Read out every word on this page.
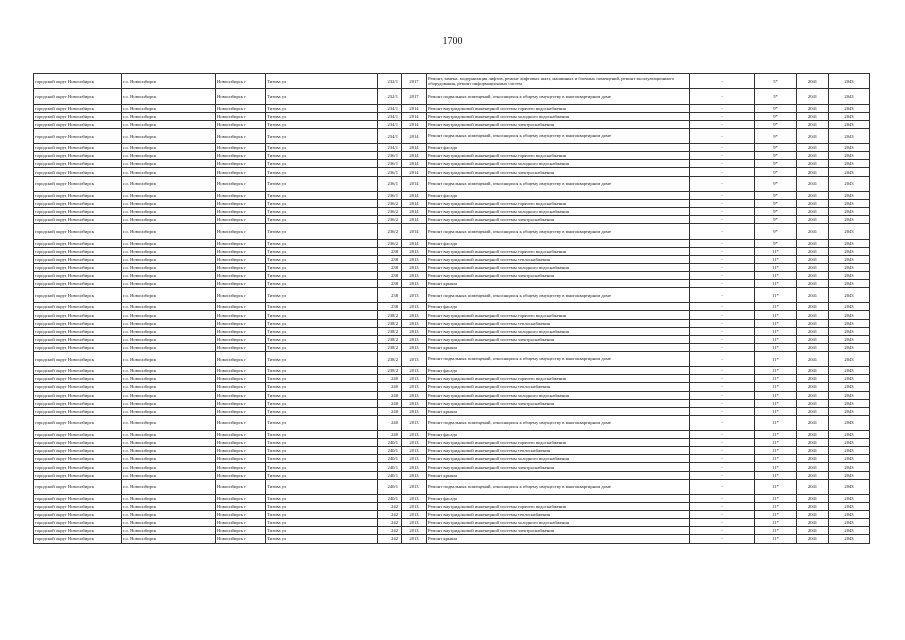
1700
городской округ Новосибирск	г.о. Новосибирск	Новосибирск г	Титова ул	232/1	2017	Ремонт, замена, модернизация лифтов, ремонт лифтовых шахт, машинных и блочных помещений, ремонт эксплуатационного оборудования, ремонт информационных систем	-	5*	2041	2043
городской округ Новосибирск	г.о. Новосибирск	Новосибирск г	Титова ул	232/1	2017	Ремонт подвальных помещений, относящихся к общему имуществу в многоквартирном доме	-	5*	2041	2043
городской округ Новосибирск	г.о. Новосибирск	Новосибирск г	Титова ул	234/1	2014	Ремонт внутридомовой инженерной системы горячего водоснабжения	-	9*	2041	2043
городской округ Новосибирск	г.о. Новосибирск	Новосибирск г	Титова ул	234/1	2014	Ремонт внутридомовой инженерной системы холодного водоснабжения	-	9*	2041	2043
городской округ Новосибирск	г.о. Новосибирск	Новосибирск г	Титова ул	234/1	2014	Ремонт внутридомовой инженерной системы электроснабжения	-	9*	2041	2043
городской округ Новосибирск	г.о. Новосибирск	Новосибирск г	Титова ул	234/1	2014	Ремонт подвальных помещений, относящихся к общему имуществу в многоквартирном доме	-	9*	2041	2043
городской округ Новосибирск	г.о. Новосибирск	Новосибирск г	Титова ул	234/1	2014	Ремонт фасада	-	9*	2041	2043
городской округ Новосибирск	г.о. Новосибирск	Новосибирск г	Титова ул	236/1	2014	Ремонт внутридомовой инженерной системы горячего водоснабжения	-	9*	2041	2043
городской округ Новосибирск	г.о. Новосибирск	Новосибирск г	Титова ул	236/1	2014	Ремонт внутридомовой инженерной системы холодного водоснабжения	-	9*	2041	2043
городской округ Новосибирск	г.о. Новосибирск	Новосибирск г	Титова ул	236/1	2014	Ремонт внутридомовой инженерной системы электроснабжения	-	9*	2041	2043
городской округ Новосибирск	г.о. Новосибирск	Новосибирск г	Титова ул	236/1	2014	Ремонт подвальных помещений, относящихся к общему имуществу в многоквартирном доме	-	9*	2041	2043
городской округ Новосибирск	г.о. Новосибирск	Новосибирск г	Титова ул	236/1	2014	Ремонт фасада	-	9*	2041	2043
городской округ Новосибирск	г.о. Новосибирск	Новосибирск г	Титова ул	236/2	2014	Ремонт внутридомовой инженерной системы горячего водоснабжения	-	9*	2041	2043
городской округ Новосибирск	г.о. Новосибирск	Новосибирск г	Титова ул	236/2	2014	Ремонт внутридомовой инженерной системы холодного водоснабжения	-	9*	2041	2043
городской округ Новосибирск	г.о. Новосибирск	Новосибирск г	Титова ул	236/2	2014	Ремонт внутридомовой инженерной системы электроснабжения	-	9*	2041	2043
городской округ Новосибирск	г.о. Новосибирск	Новосибирск г	Титова ул	236/2	2014	Ремонт подвальных помещений, относящихся к общему имуществу в многоквартирном доме	-	9*	2041	2043
городской округ Новосибирск	г.о. Новосибирск	Новосибирск г	Титова ул	236/2	2014	Ремонт фасада	-	9*	2041	2043
городской округ Новосибирск	г.о. Новосибирск	Новосибирск г	Титова ул	238	2013	Ремонт внутридомовой инженерной системы горячего водоснабжения	-	11*	2041	2043
городской округ Новосибирск	г.о. Новосибирск	Новосибирск г	Титова ул	238	2013	Ремонт внутридомовой инженерной системы теплоснабжения	-	11*	2041	2043
городской округ Новосибирск	г.о. Новосибирск	Новосибирск г	Титова ул	238	2013	Ремонт внутридомовой инженерной системы холодного водоснабжения	-	11*	2041	2043
городской округ Новосибирск	г.о. Новосибирск	Новосибирск г	Титова ул	238	2013	Ремонт внутридомовой инженерной системы электроснабжения	-	11*	2041	2043
городской округ Новосибирск	г.о. Новосибирск	Новосибирск г	Титова ул	238	2013	Ремонт крыши	-	11*	2041	2043
городской округ Новосибирск	г.о. Новосибирск	Новосибирск г	Титова ул	238	2013	Ремонт подвальных помещений, относящихся к общему имуществу в многоквартирном доме	-	11*	2041	2043
городской округ Новосибирск	г.о. Новосибирск	Новосибирск г	Титова ул	238	2013	Ремонт фасада	-	11*	2041	2043
городской округ Новосибирск	г.о. Новосибирск	Новосибирск г	Титова ул	238/2	2013	Ремонт внутридомовой инженерной системы горячего водоснабжения	-	11*	2041	2043
городской округ Новосибирск	г.о. Новосибирск	Новосибирск г	Титова ул	238/2	2013	Ремонт внутридомовой инженерной системы теплоснабжения	-	11*	2041	2043
городской округ Новосибирск	г.о. Новосибирск	Новосибирск г	Титова ул	238/2	2013	Ремонт внутридомовой инженерной системы холодного водоснабжения	-	11*	2041	2043
городской округ Новосибирск	г.о. Новосибирск	Новосибирск г	Титова ул	238/2	2013	Ремонт внутридомовой инженерной системы электроснабжения	-	11*	2041	2043
городской округ Новосибирск	г.о. Новосибирск	Новосибирск г	Титова ул	238/2	2013	Ремонт крыши	-	11*	2041	2043
городской округ Новосибирск	г.о. Новосибирск	Новосибирск г	Титова ул	238/2	2013	Ремонт подвальных помещений, относящихся к общему имуществу в многоквартирном доме	-	11*	2041	2043
городской округ Новосибирск	г.о. Новосибирск	Новосибирск г	Титова ул	238/2	2013	Ремонт фасада	-	11*	2041	2043
городской округ Новосибирск	г.о. Новосибирск	Новосибирск г	Титова ул	240	2013	Ремонт внутридомовой инженерной системы горячего водоснабжения	-	11*	2041	2043
городской округ Новосибирск	г.о. Новосибирск	Новосибирск г	Титова ул	240	2013	Ремонт внутридомовой инженерной системы теплоснабжения	-	11*	2041	2043
городской округ Новосибирск	г.о. Новосибирск	Новосибирск г	Титова ул	240	2013	Ремонт внутридомовой инженерной системы холодного водоснабжения	-	11*	2041	2043
городской округ Новосибирск	г.о. Новосибирск	Новосибирск г	Титова ул	240	2013	Ремонт внутридомовой инженерной системы электроснабжения	-	11*	2041	2043
городской округ Новосибирск	г.о. Новосибирск	Новосибирск г	Титова ул	240	2013	Ремонт крыши	-	11*	2041	2043
городской округ Новосибирск	г.о. Новосибирск	Новосибирск г	Титова ул	240	2013	Ремонт подвальных помещений, относящихся к общему имуществу в многоквартирном доме	-	11*	2041	2043
городской округ Новосибирск	г.о. Новосибирск	Новосибирск г	Титова ул	240	2013	Ремонт фасада	-	11*	2041	2043
городской округ Новосибирск	г.о. Новосибирск	Новосибирск г	Титова ул	240/1	2013	Ремонт внутридомовой инженерной системы горячего водоснабжения	-	11*	2041	2043
городской округ Новосибирск	г.о. Новосибирск	Новосибирск г	Титова ул	240/1	2013	Ремонт внутридомовой инженерной системы теплоснабжения	-	11*	2041	2043
городской округ Новосибирск	г.о. Новосибирск	Новосибирск г	Титова ул	240/1	2013	Ремонт внутридомовой инженерной системы холодного водоснабжения	-	11*	2041	2043
городской округ Новосибирск	г.о. Новосибирск	Новосибирск г	Титова ул	240/1	2013	Ремонт внутридомовой инженерной системы электроснабжения	-	11*	2041	2043
городской округ Новосибирск	г.о. Новосибирск	Новосибирск г	Титова ул	240/1	2013	Ремонт крыши	-	11*	2041	2043
городской округ Новосибирск	г.о. Новосибирск	Новосибирск г	Титова ул	240/1	2013	Ремонт подвальных помещений, относящихся к общему имуществу в многоквартирном доме	-	11*	2041	2043
городской округ Новосибирск	г.о. Новосибирск	Новосибирск г	Титова ул	240/1	2013	Ремонт фасада	-	11*	2041	2043
городской округ Новосибирск	г.о. Новосибирск	Новосибирск г	Титова ул	242	2013	Ремонт внутридомовой инженерной системы горячего водоснабжения	-	11*	2041	2043
городской округ Новосибирск	г.о. Новосибирск	Новосибирск г	Титова ул	242	2013	Ремонт внутридомовой инженерной системы теплоснабжения	-	11*	2041	2043
городской округ Новосибирск	г.о. Новосибирск	Новосибирск г	Титова ул	242	2013	Ремонт внутридомовой инженерной системы холодного водоснабжения	-	11*	2041	2043
городской округ Новосибирск	г.о. Новосибирск	Новосибирск г	Титова ул	242	2013	Ремонт внутридомовой инженерной системы электроснабжения	-	11*	2041	2043
городской округ Новосибирск	г.о. Новосибирск	Новосибирск г	Титова ул	242	2013	Ремонт крыши	-	11*	2041	2043
